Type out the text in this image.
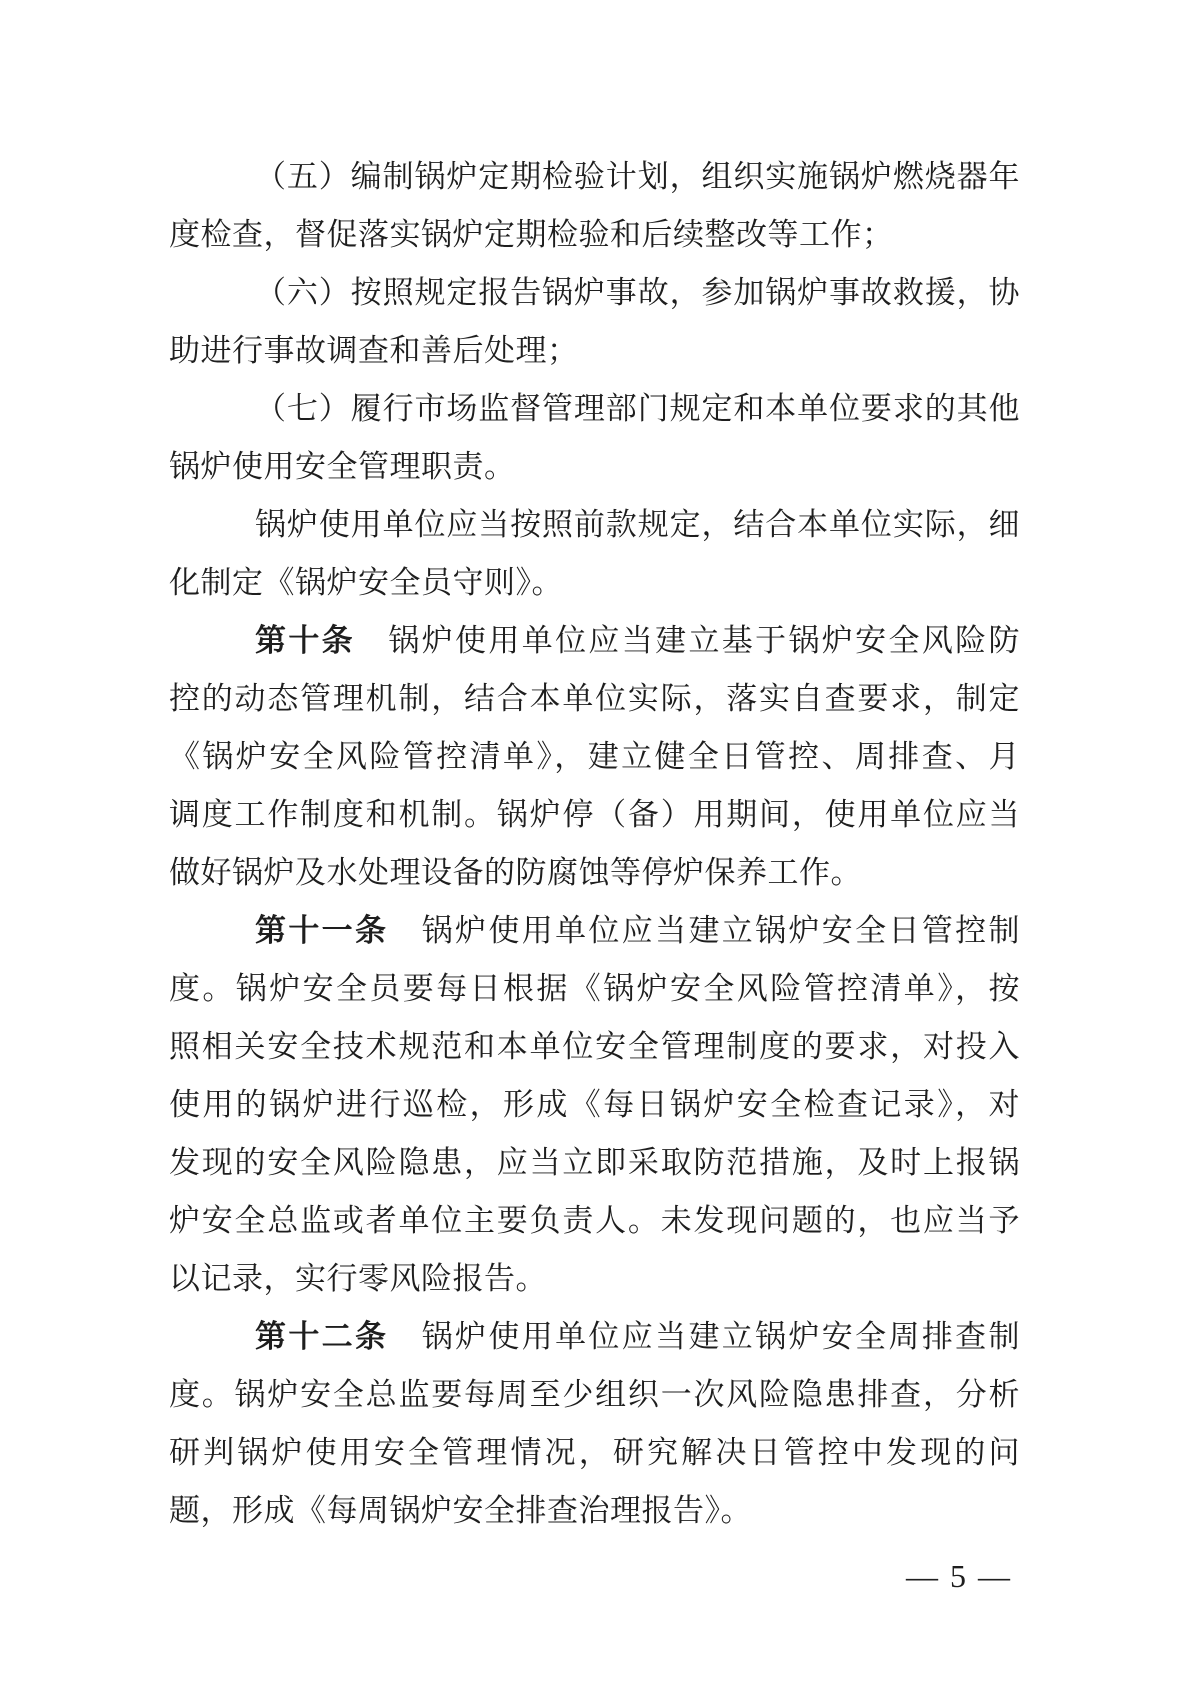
（五）编制锅炉定期检验计划，组织实施锅炉燃烧器年
度检查，督促落实锅炉定期检验和后续整改等工作；
（六）按照规定报告锅炉事故，参加锅炉事故救援，协
助进行事故调查和善后处理；
（七）履行市场监督管理部门规定和本单位要求的其他
锅炉使用安全管理职责。
锅炉使用单位应当按照前款规定，结合本单位实际，细
化制定《锅炉安全员守则》。
第十条　锅炉使用单位应当建立基于锅炉安全风险防
控的动态管理机制，结合本单位实际，落实自查要求，制定
《锅炉安全风险管控清单》，建立健全日管控、周排查、月
调度工作制度和机制。锅炉停（备）用期间，使用单位应当
做好锅炉及水处理设备的防腐蚀等停炉保养工作。
第十一条　锅炉使用单位应当建立锅炉安全日管控制
度。锅炉安全员要每日根据《锅炉安全风险管控清单》，按
照相关安全技术规范和本单位安全管理制度的要求，对投入
使用的锅炉进行巡检，形成《每日锅炉安全检查记录》，对
发现的安全风险隐患，应当立即采取防范措施，及时上报锅
炉安全总监或者单位主要负责人。未发现问题的，也应当予
以记录，实行零风险报告。
第十二条　锅炉使用单位应当建立锅炉安全周排查制
度。锅炉安全总监要每周至少组织一次风险隐患排查，分析
研判锅炉使用安全管理情况，研究解决日管控中发现的问
题，形成《每周锅炉安全排查治理报告》。
— 5 —
